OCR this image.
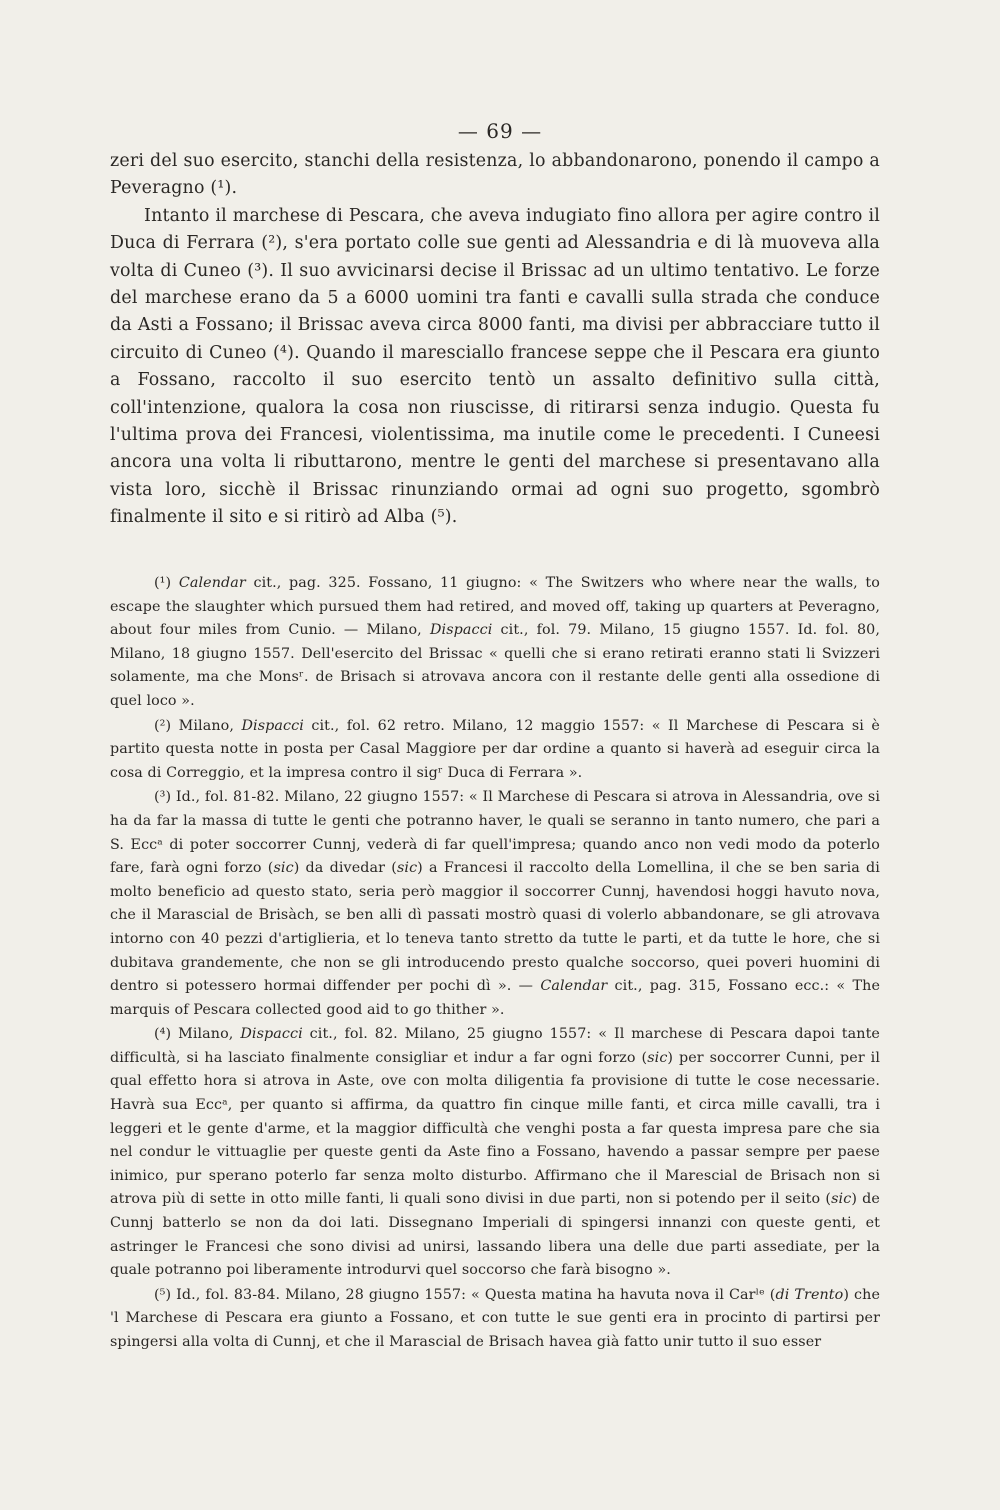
— 69 —

zeri del suo esercito, stanchi della resistenza, lo abbandonarono, ponendo il campo a Peveragno (¹).

Intanto il marchese di Pescara, che aveva indugiato fino allora per agire contro il Duca di Ferrara (²), s'era portato colle sue genti ad Alessandria e di là muoveva alla volta di Cuneo (³). Il suo avvicinarsi decise il Brissac ad un ultimo tentativo. Le forze del marchese erano da 5 a 6000 uomini tra fanti e cavalli sulla strada che conduce da Asti a Fossano; il Brissac aveva circa 8000 fanti, ma divisi per abbracciare tutto il circuito di Cuneo (⁴). Quando il maresciallo francese seppe che il Pescara era giunto a Fossano, raccolto il suo esercito tentò un assalto definitivo sulla città, coll'intenzione, qualora la cosa non riuscisse, di ritirarsi senza indugio. Questa fu l'ultima prova dei Francesi, violentissima, ma inutile come le precedenti. I Cuneesi ancora una volta li ributtarono, mentre le genti del marchese si presentavano alla vista loro, sicchè il Brissac rinunziando ormai ad ogni suo progetto, sgombrò finalmente il sito e si ritirò ad Alba (⁵).

(¹) Calendar cit., pag. 325. Fossano, 11 giugno: « The Switzers who where near the walls, to escape the slaughter which pursued them had retired, and moved off, taking up quarters at Peveragno, about four miles from Cunio. — Milano, Dispacci cit., fol. 79. Milano, 15 giugno 1557. Id. fol. 80, Milano, 18 giugno 1557. Dell'esercito del Brissac « quelli che si erano retirati eranno stati li Svizzeri solamente, ma che Monsʳ. de Brisach si atrovava ancora con il restante delle genti alla ossedione di quel loco ».

(²) Milano, Dispacci cit., fol. 62 retro. Milano, 12 maggio 1557: « Il Marchese di Pescara si è partito questa notte in posta per Casal Maggiore per dar ordine a quanto si haverà ad eseguir circa la cosa di Correggio, et la impresa contro il sigʳ Duca di Ferrara ».

(³) Id., fol. 81-82. Milano, 22 giugno 1557: « Il Marchese di Pescara si atrova in Alessandria, ove si ha da far la massa di tutte le genti che potranno haver, le quali se seranno in tanto numero, che pari a S. Eccᵃ di poter soccorrer Cunnj, vederà di far quell'impresa; quando anco non vedi modo da poterlo fare, farà ogni forzo (sic) da divedar (sic) a Francesi il raccolto della Lomellina, il che se ben saria di molto beneficio ad questo stato, seria però maggior il soccorrer Cunnj, havendosi hoggi havuto nova, che il Marascial de Brisàch, se ben alli dì passati mostrò quasi di volerlo abbandonare, se gli atrovava intorno con 40 pezzi d'artiglieria, et lo teneva tanto stretto da tutte le parti, et da tutte le hore, che si dubitava grandemente, che non se gli introducendo presto qualche soccorso, quei poveri huomini di dentro si potessero hormai diffender per pochi dì ». — Calendar cit., pag. 315, Fossano ecc.: « The marquis of Pescara collected good aid to go thither ».

(⁴) Milano, Dispacci cit., fol. 82. Milano, 25 giugno 1557: « Il marchese di Pescara dapoi tante difficultà, si ha lasciato finalmente consigliar et indur a far ogni forzo (sic) per soccorrer Cunni, per il qual effetto hora si atrova in Aste, ove con molta diligentia fa provisione di tutte le cose necessarie. Havrà sua Eccᵃ, per quanto si affirma, da quattro fin cinque mille fanti, et circa mille cavalli, tra i leggeri et le gente d'arme, et la maggior difficultà che venghi posta a far questa impresa pare che sia nel condur le vittuaglie per queste genti da Aste fino a Fossano, havendo a passar sempre per paese inimico, pur sperano poterlo far senza molto disturbo. Affirmano che il Marescial de Brisach non si atrova più di sette in otto mille fanti, li quali sono divisi in due parti, non si potendo per il seito (sic) de Cunnj batterlo se non da doi lati. Dissegnano Imperiali di spingersi innanzi con queste genti, et astringer le Francesi che sono divisi ad unirsi, lassando libera una delle due parti assediate, per la quale potranno poi liberamente introdurvi quel soccorso che farà bisogno ».

(⁵) Id., fol. 83-84. Milano, 28 giugno 1557: « Questa matina ha havuta nova il Carˡᵉ (di Trento) che 'l Marchese di Pescara era giunto a Fossano, et con tutte le sue genti era in procinto di partirsi per spingersi alla volta di Cunnj, et che il Marascial de Brisach havea già fatto unir tutto il suo esser
